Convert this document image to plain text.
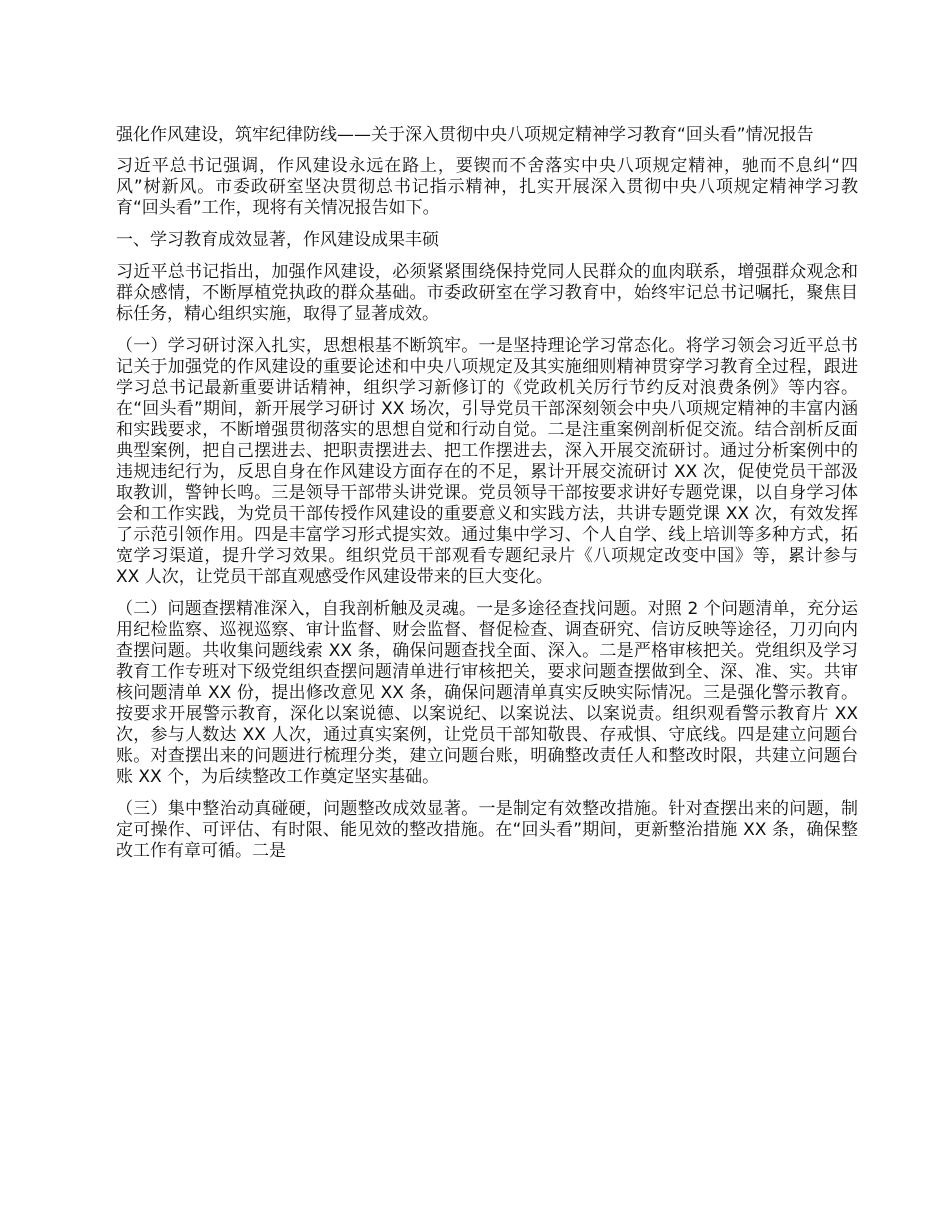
强化作风建设，筑牢纪律防线——关于深入贯彻中央八项规定精神学习教育“回头看”情况报告

习近平总书记强调，作风建设永远在路上，要锲而不舍落实中央八项规定精神，驰而不息纠“四风”树新风。市委政研室坚决贯彻总书记指示精神，扎实开展深入贯彻中央八项规定精神学习教育“回头看”工作，现将有关情况报告如下。

一、学习教育成效显著，作风建设成果丰硕

习近平总书记指出，加强作风建设，必须紧紧围绕保持党同人民群众的血肉联系，增强群众观念和群众感情，不断厚植党执政的群众基础。市委政研室在学习教育中，始终牢记总书记嘱托，聚焦目标任务，精心组织实施，取得了显著成效。

（一）学习研讨深入扎实，思想根基不断筑牢。一是坚持理论学习常态化。将学习领会习近平总书记关于加强党的作风建设的重要论述和中央八项规定及其实施细则精神贯穿学习教育全过程，跟进学习总书记最新重要讲话精神，组织学习新修订的《党政机关厉行节约反对浪费条例》等内容。在“回头看”期间，新开展学习研讨 XX 场次，引导党员干部深刻领会中央八项规定精神的丰富内涵和实践要求，不断增强贯彻落实的思想自觉和行动自觉。二是注重案例剖析促交流。结合剖析反面典型案例，把自己摆进去、把职责摆进去、把工作摆进去，深入开展交流研讨。通过分析案例中的违规违纪行为，反思自身在作风建设方面存在的不足，累计开展交流研讨 XX 次，促使党员干部汲取教训，警钟长鸣。三是领导干部带头讲党课。党员领导干部按要求讲好专题党课，以自身学习体会和工作实践，为党员干部传授作风建设的重要意义和实践方法，共讲专题党课 XX 次，有效发挥了示范引领作用。四是丰富学习形式提实效。通过集中学习、个人自学、线上培训等多种方式，拓宽学习渠道，提升学习效果。组织党员干部观看专题纪录片《八项规定改变中国》等，累计参与 XX 人次，让党员干部直观感受作风建设带来的巨大变化。

（二）问题查摆精准深入，自我剖析触及灵魂。一是多途径查找问题。对照 2 个问题清单，充分运用纪检监察、巡视巡察、审计监督、财会监督、督促检查、调查研究、信访反映等途径，刀刃向内查摆问题。共收集问题线索 XX 条，确保问题查找全面、深入。二是严格审核把关。党组织及学习教育工作专班对下级党组织查摆问题清单进行审核把关，要求问题查摆做到全、深、准、实。共审核问题清单 XX 份，提出修改意见 XX 条，确保问题清单真实反映实际情况。三是强化警示教育。按要求开展警示教育，深化以案说德、以案说纪、以案说法、以案说责。组织观看警示教育片 XX 次，参与人数达 XX 人次，通过真实案例，让党员干部知敬畏、存戒惧、守底线。四是建立问题台账。对查摆出来的问题进行梳理分类，建立问题台账，明确整改责任人和整改时限，共建立问题台账 XX 个，为后续整改工作奠定坚实基础。

（三）集中整治动真碰硬，问题整改成效显著。一是制定有效整改措施。针对查摆出来的问题，制定可操作、可评估、有时限、能见效的整改措施。在“回头看”期间，更新整治措施 XX 条，确保整改工作有章可循。二是
